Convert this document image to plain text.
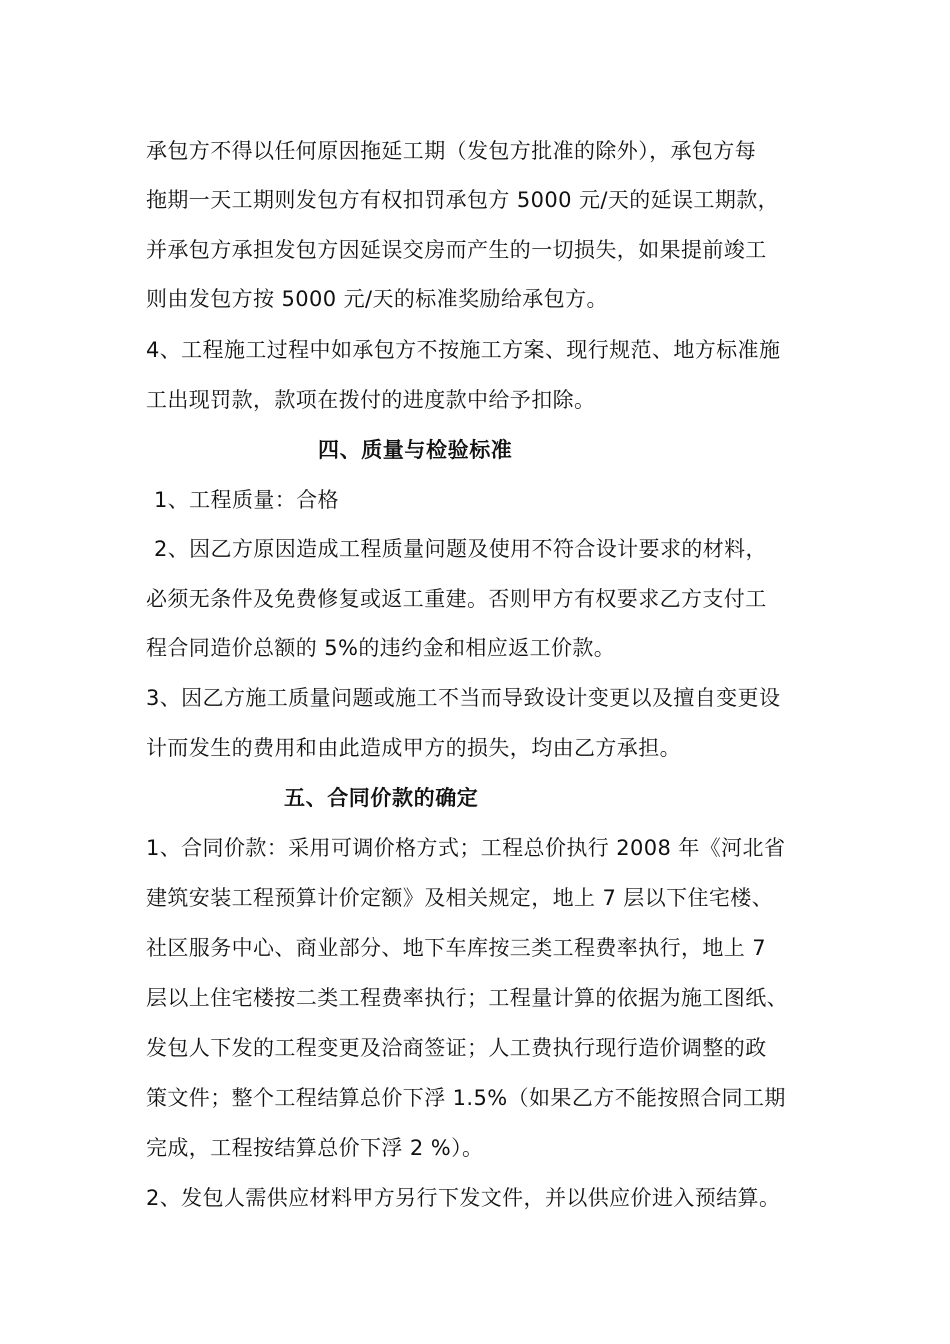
承包方不得以任何原因拖延工期（发包方批准的除外），承包方每
拖期一天工期则发包方有权扣罚承包方 5000 元/天的延误工期款，
并承包方承担发包方因延误交房而产生的一切损失，如果提前竣工
则由发包方按 5000 元/天的标准奖励给承包方。
4、工程施工过程中如承包方不按施工方案、现行规范、地方标准施
工出现罚款，款项在拨付的进度款中给予扣除。
四、质量与检验标准
1、工程质量：合格
2、因乙方原因造成工程质量问题及使用不符合设计要求的材料，
必须无条件及免费修复或返工重建。否则甲方有权要求乙方支付工
程合同造价总额的 5%的违约金和相应返工价款。
3、因乙方施工质量问题或施工不当而导致设计变更以及擅自变更设
计而发生的费用和由此造成甲方的损失，均由乙方承担。
五、合同价款的确定
1、合同价款：采用可调价格方式；工程总价执行 2008 年《河北省
建筑安装工程预算计价定额》及相关规定，地上 7 层以下住宅楼、
社区服务中心、商业部分、地下车库按三类工程费率执行，地上 7
层以上住宅楼按二类工程费率执行；工程量计算的依据为施工图纸、
发包人下发的工程变更及洽商签证；人工费执行现行造价调整的政
策文件；整个工程结算总价下浮 1.5%（如果乙方不能按照合同工期
完成，工程按结算总价下浮 2 %）。
2、发包人需供应材料甲方另行下发文件，并以供应价进入预结算。
